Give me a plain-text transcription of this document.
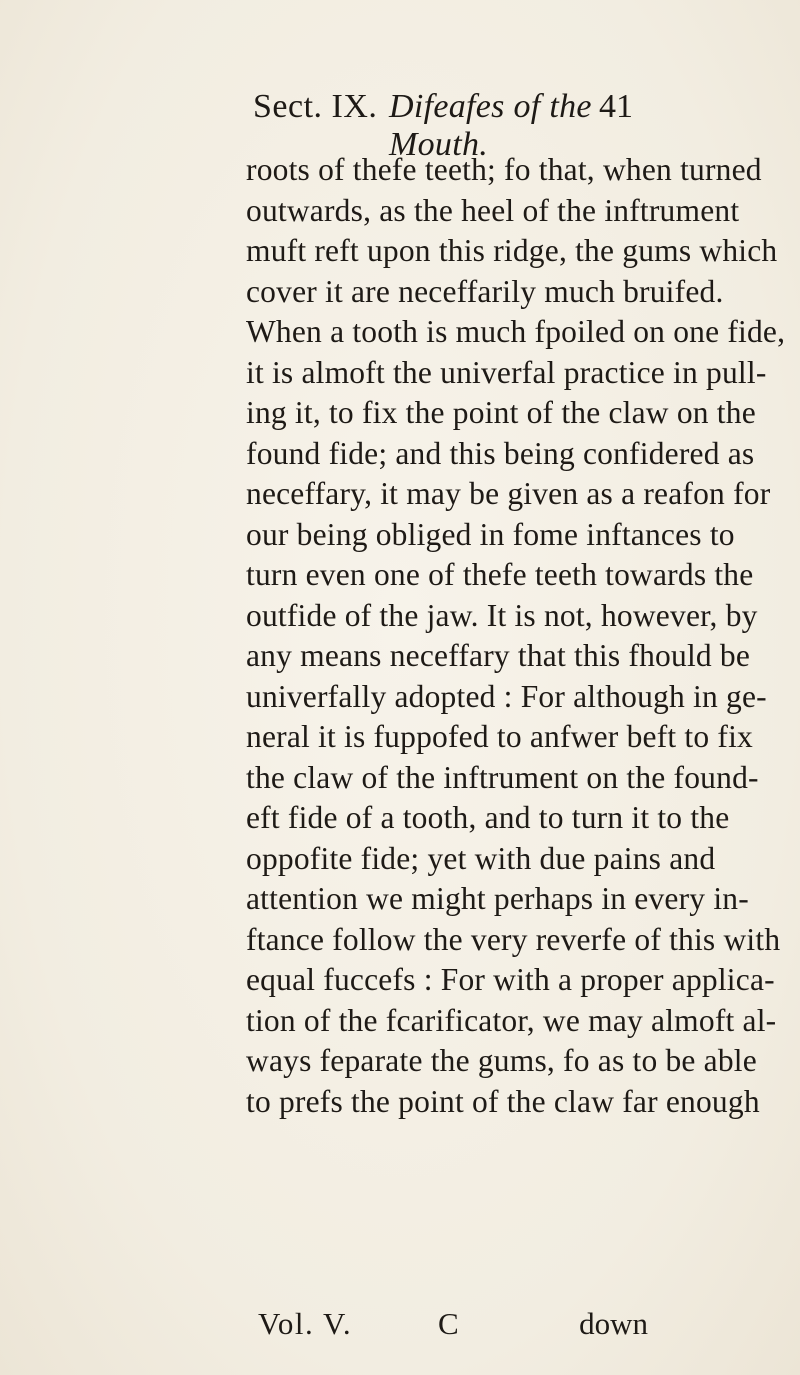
Sect. IX. Difeafes of the Mouth.
41
roots of thefe teeth; fo that, when turned
outwards, as the heel of the inftrument
muft reft upon this ridge, the gums which
cover it are neceffarily much bruifed.
When a tooth is much fpoiled on one fide,
it is almoft the univerfal practice in pull-
ing it, to fix the point of the claw on the
found fide; and this being confidered as
neceffary, it may be given as a reafon for
our being obliged in fome inftances to
turn even one of thefe teeth towards the
outfide of the jaw. It is not, however, by
any means neceffary that this fhould be
univerfally adopted : For although in ge-
neral it is fuppofed to anfwer beft to fix
the claw of the inftrument on the found-
eft fide of a tooth, and to turn it to the
oppofite fide; yet with due pains and
attention we might perhaps in every in-
ftance follow the very reverfe of this with
equal fuccefs : For with a proper applica-
tion of the fcarificator, we may almoft al-
ways feparate the gums, fo as to be able
to prefs the point of the claw far enough
Vol. V.	C	down
